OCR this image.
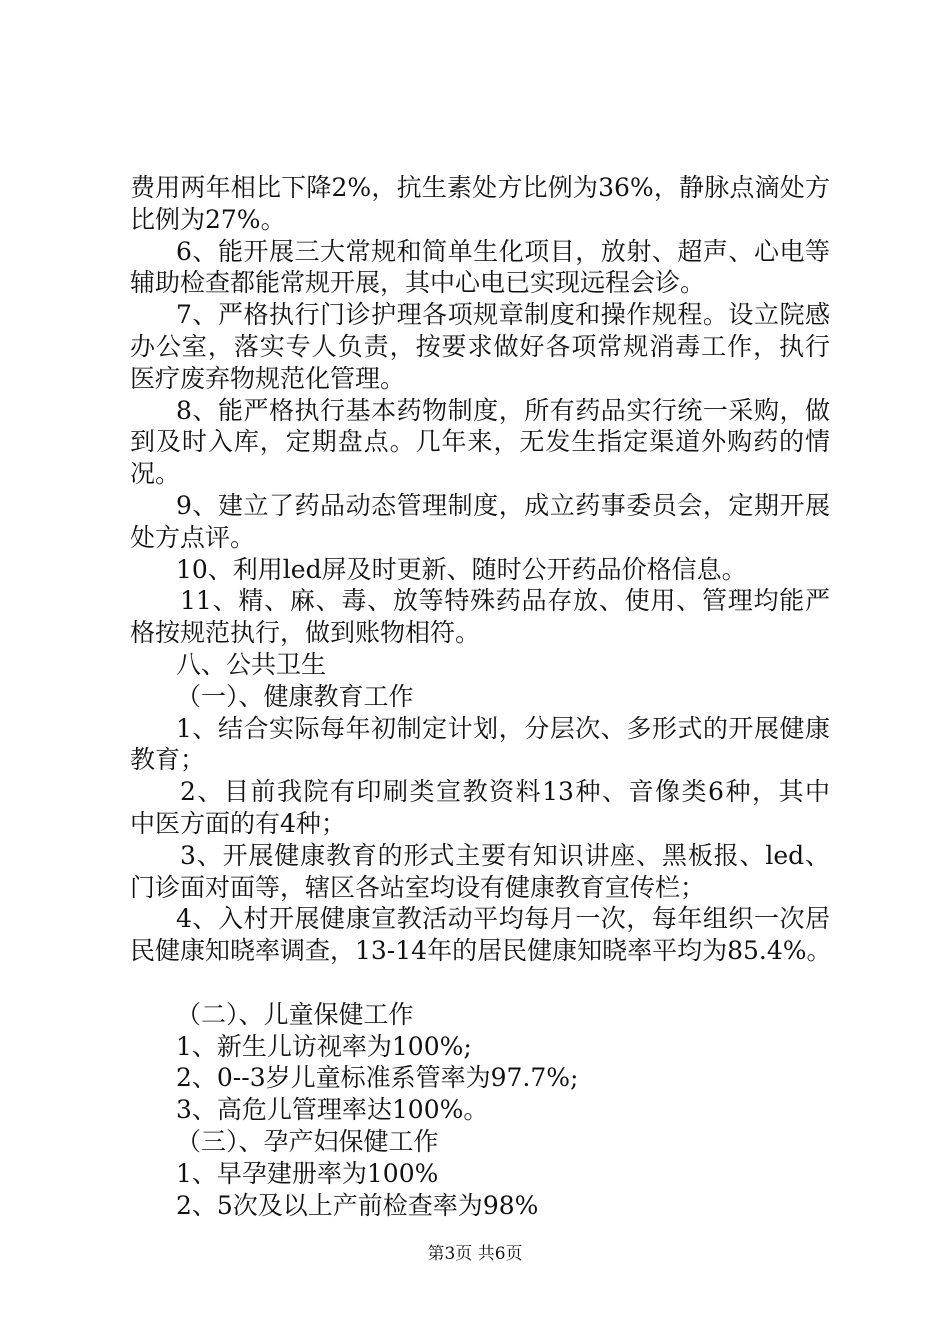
费用两年相比下降2%，抗生素处方比例为36%，静脉点滴处方
比例为27%。
6、能开展三大常规和简单生化项目，放射、超声、心电等
辅助检查都能常规开展，其中心电已实现远程会诊。
7、严格执行门诊护理各项规章制度和操作规程。设立院感
办公室，落实专人负责，按要求做好各项常规消毒工作，执行
医疗废弃物规范化管理。
8、能严格执行基本药物制度，所有药品实行统一采购，做
到及时入库，定期盘点。几年来，无发生指定渠道外购药的情
况。
9、建立了药品动态管理制度，成立药事委员会，定期开展
处方点评。
10、利用led屏及时更新、随时公开药品价格信息。
11、精、麻、毒、放等特殊药品存放、使用、管理均能严
格按规范执行，做到账物相符。
八、公共卫生
（一）、健康教育工作
1、结合实际每年初制定计划，分层次、多形式的开展健康
教育；
2、目前我院有印刷类宣教资料13种、音像类6种，其中
中医方面的有4种；
3、开展健康教育的形式主要有知识讲座、黑板报、led、
门诊面对面等，辖区各站室均设有健康教育宣传栏；
4、入村开展健康宣教活动平均每月一次，每年组织一次居
民健康知晓率调查，13-14年的居民健康知晓率平均为85.4%。
（二）、儿童保健工作
1、新生儿访视率为100%;
2、0--3岁儿童标准系管率为97.7%;
3、高危儿管理率达100%。
（三）、孕产妇保健工作
1、早孕建册率为100%
2、5次及以上产前检查率为98%
第3页 共6页
